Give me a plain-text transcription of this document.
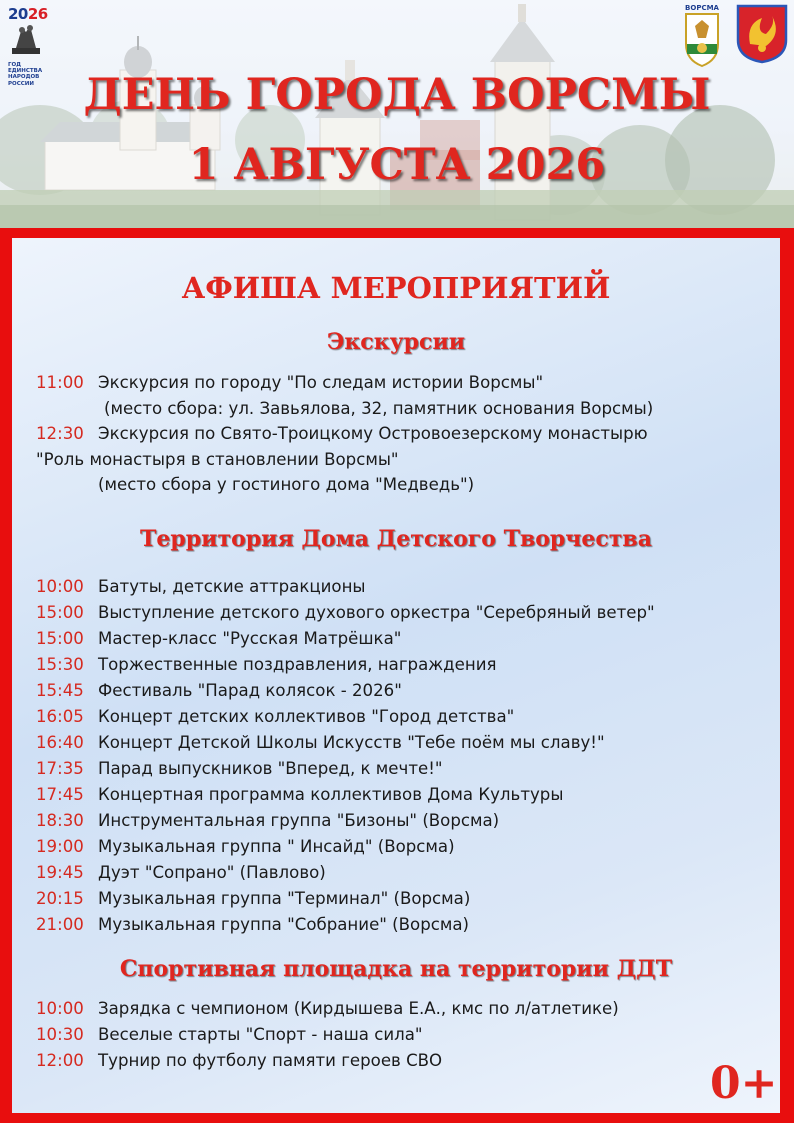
2026
ГОД
ЕДИНСТВА
НАРОДОВ
РОССИИ
ВОРСМА
ДЕНЬ ГОРОДА ВОРСМЫ
1 АВГУСТА 2026
АФИША МЕРОПРИЯТИЙ
Экскурсии

11:00 Экскурсия по городу "По следам истории Ворсмы"

(место сбора: ул. Завьялова, 32, памятник основания Ворсмы)

12:30 Экскурсия по Свято-Троицкому Островоезерскому монастырю

"Роль монастыря в становлении Ворсмы"

(место сбора у гостиного дома "Медведь")

Территория Дома Детского Творчества

10:00 Батуты, детские аттракционы

15:00 Выступление детского духового оркестра "Серебряный ветер"

15:00 Мастер-класс "Русская Матрёшка"

15:30 Торжественные поздравления, награждения

15:45 Фестиваль "Парад колясок - 2026"

16:05 Концерт детских коллективов "Город детства"

16:40 Концерт Детской Школы Искусств "Тебе поём мы славу!"

17:35 Парад выпускников "Вперед, к мечте!"

17:45 Концертная программа коллективов Дома Культуры

18:30 Инструментальная группа "Бизоны" (Ворсма)

19:00 Музыкальная группа " Инсайд" (Ворсма)

19:45 Дуэт "Сопрано" (Павлово)

20:15 Музыкальная группа "Терминал" (Ворсма)

21:00 Музыкальная группа "Собрание" (Ворсма)

Спортивная площадка на территории ДДТ

10:00 Зарядка с чемпионом (Кирдышева Е.А., кмс по л/атлетике)

10:30 Веселые старты "Спорт - наша сила"

12:00 Турнир по футболу памяти героев СВО	0+
